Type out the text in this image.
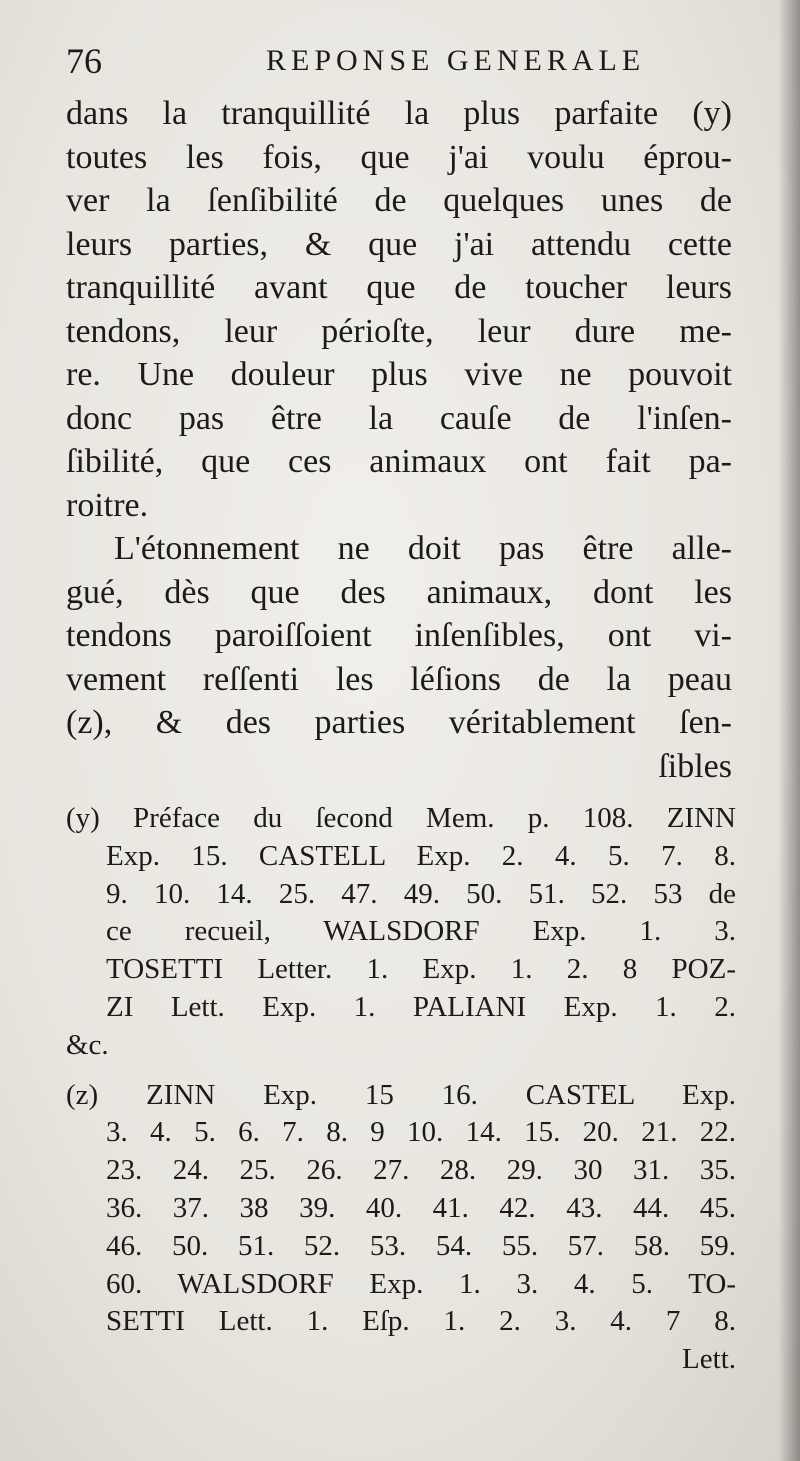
76	REPONSE GENERALE
dans la tranquillité la plus parfaite (y)
toutes les fois, que j'ai voulu éprou-
ver la ſenſibilité de quelques unes de
leurs parties, & que j'ai attendu cette
tranquillité avant que de toucher leurs
tendons, leur périoſte, leur dure me-
re. Une douleur plus vive ne pouvoit
donc pas être la cauſe de l'inſen-
ſibilité, que ces animaux ont fait pa-
roitre.
L'étonnement ne doit pas être alle-
gué, dès que des animaux, dont les
tendons paroiſſoient inſenſibles, ont vi-
vement reſſenti les léſions de la peau
(z), & des parties véritablement ſen-
ſibles
(y) Préface du ſecond Mem. p. 108. ZINN
Exp. 15. CASTELL Exp. 2. 4. 5. 7. 8.
9. 10. 14. 25. 47. 49. 50. 51. 52. 53 de
ce recueil, WALSDORF Exp. 1. 3.
TOSETTI Letter. 1. Exp. 1. 2. 8 POZ-
ZI Lett. Exp. 1. PALIANI Exp. 1. 2.
&c.
(z) ZINN Exp. 15 16. CASTEL Exp.
3. 4. 5. 6. 7. 8. 9 10. 14. 15. 20. 21. 22.
23. 24. 25. 26. 27. 28. 29. 30 31. 35.
36. 37. 38 39. 40. 41. 42. 43. 44. 45.
46. 50. 51. 52. 53. 54. 55. 57. 58. 59.
60. WALSDORF Exp. 1. 3. 4. 5. TO-
SETTI Lett. 1. Eſp. 1. 2. 3. 4. 7 8.
Lett.
